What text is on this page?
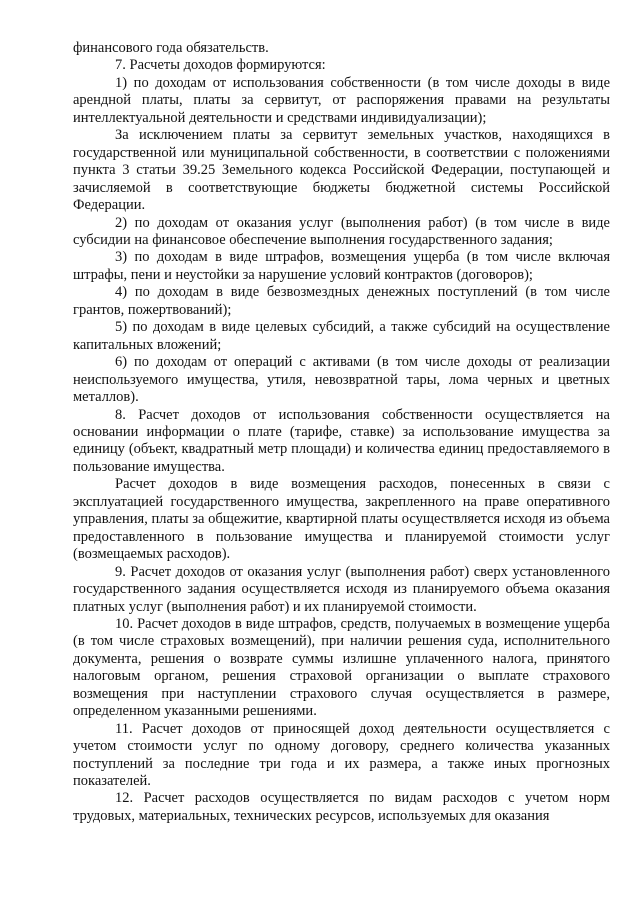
финансового года обязательств.

7. Расчеты доходов формируются:

1) по доходам от использования собственности (в том числе доходы в виде арендной платы, платы за сервитут, от распоряжения правами на результаты интеллектуальной деятельности и средствами индивидуализации);

За исключением платы за сервитут земельных участков, находящихся в государственной или муниципальной собственности, в соответствии с положениями пункта 3 статьи 39.25 Земельного кодекса Российской Федерации, поступающей и зачисляемой в соответствующие бюджеты бюджетной системы Российской Федерации.

2) по доходам от оказания услуг (выполнения работ) (в том числе в виде субсидии на финансовое обеспечение выполнения государственного задания;

3) по доходам в виде штрафов, возмещения ущерба (в том числе включая штрафы, пени и неустойки за нарушение условий контрактов (договоров);

4) по доходам в виде безвозмездных денежных поступлений (в том числе грантов, пожертвований);

5) по доходам в виде целевых субсидий, а также субсидий на осуществление капитальных вложений;

6) по доходам от операций с активами (в том числе доходы от реализации неиспользуемого имущества, утиля, невозвратной тары, лома черных и цветных металлов).

8. Расчет доходов от использования собственности осуществляется на основании информации о плате (тарифе, ставке) за использование имущества за единицу (объект, квадратный метр площади) и количества единиц предоставляемого в пользование имущества.

Расчет доходов в виде возмещения расходов, понесенных в связи с эксплуатацией государственного имущества, закрепленного на праве оперативного управления, платы за общежитие, квартирной платы осуществляется исходя из объема предоставленного в пользование имущества и планируемой стоимости услуг (возмещаемых расходов).

9. Расчет доходов от оказания услуг (выполнения работ) сверх установленного государственного задания осуществляется исходя из планируемого объема оказания платных услуг (выполнения работ) и их планируемой стоимости.

10. Расчет доходов в виде штрафов, средств, получаемых в возмещение ущерба (в том числе страховых возмещений), при наличии решения суда, исполнительного документа, решения о возврате суммы излишне уплаченного налога, принятого налоговым органом, решения страховой организации о выплате страхового возмещения при наступлении страхового случая осуществляется в размере, определенном указанными решениями.

11. Расчет доходов от приносящей доход деятельности осуществляется с учетом стоимости услуг по одному договору, среднего количества указанных поступлений за последние три года и их размера, а также иных прогнозных показателей.

12. Расчет расходов осуществляется по видам расходов с учетом норм трудовых, материальных, технических ресурсов, используемых для оказания
